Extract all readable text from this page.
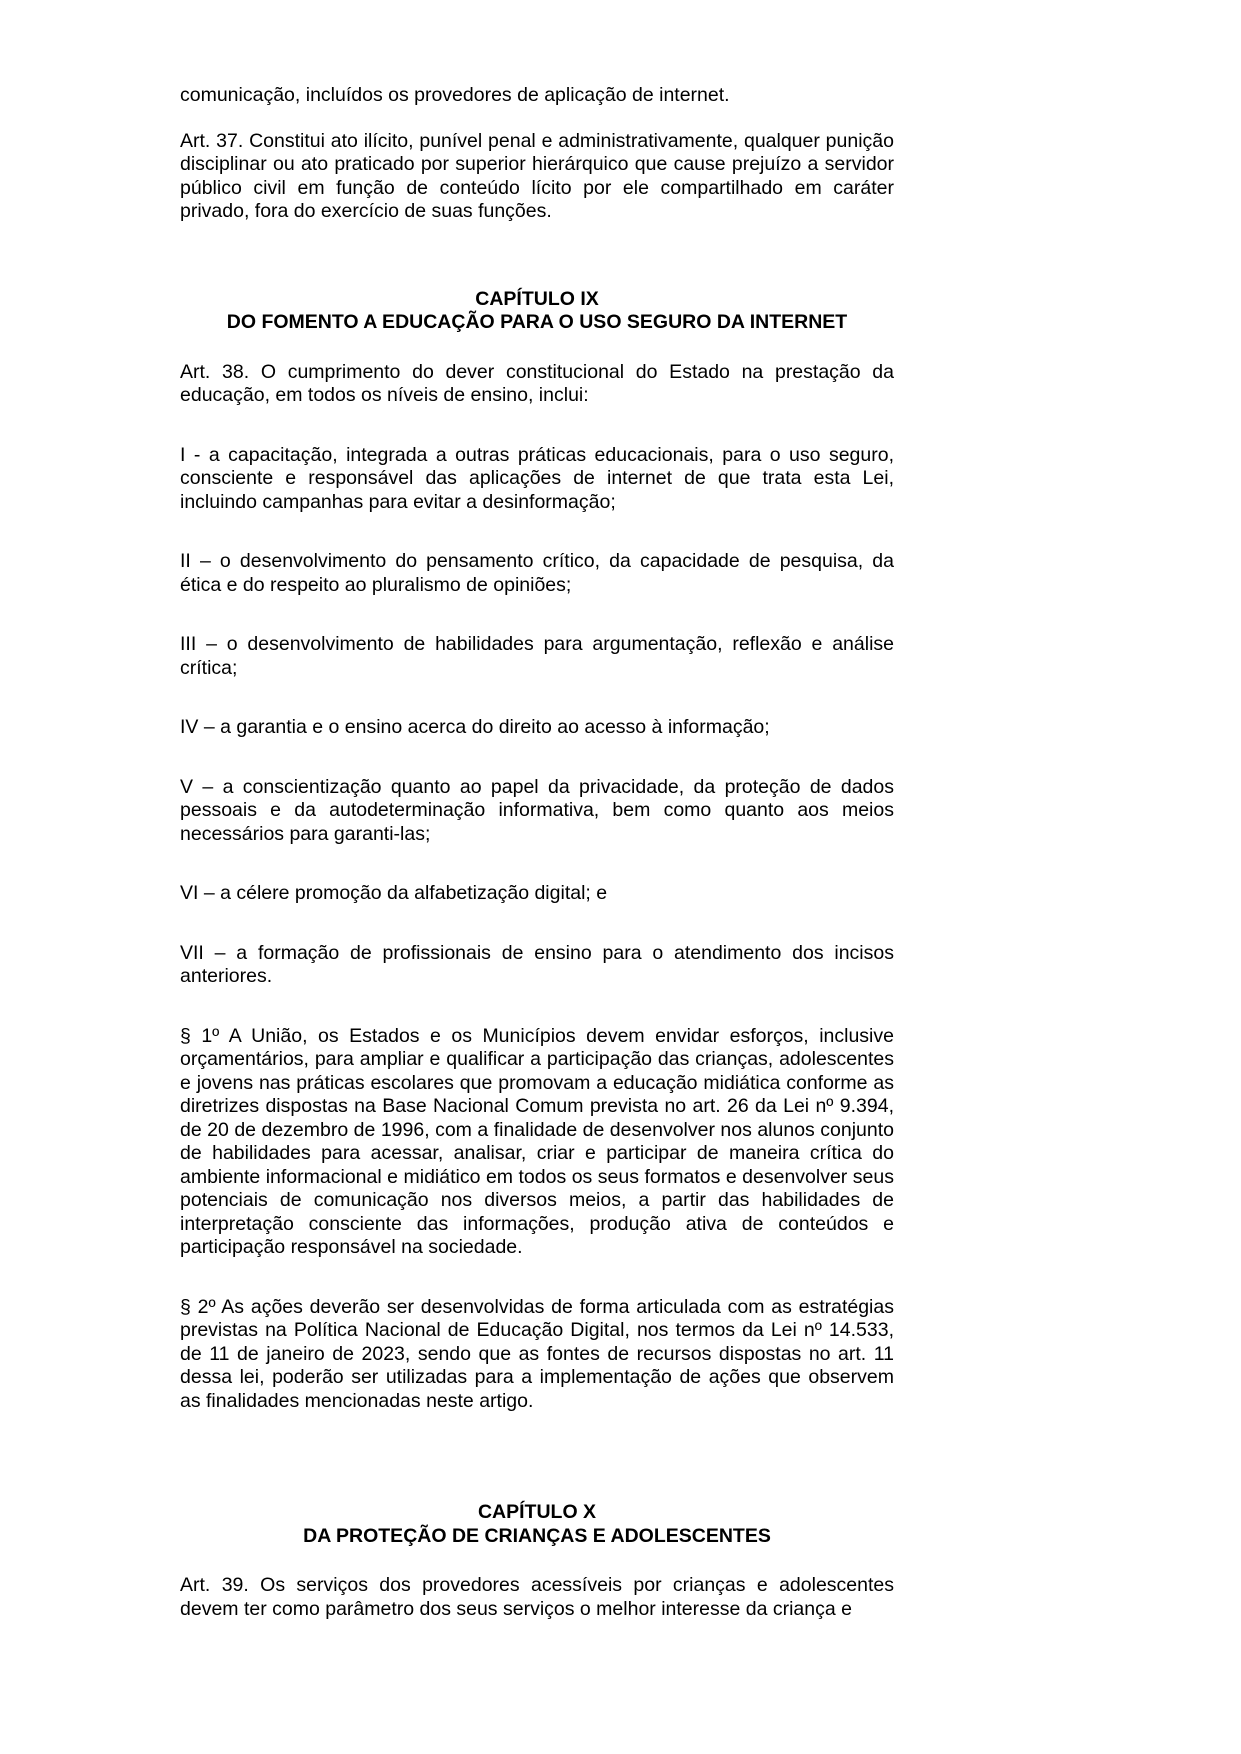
comunicação, incluídos os provedores de aplicação de internet.

Art. 37. Constitui ato ilícito, punível penal e administrativamente, qualquer punição disciplinar ou ato praticado por superior hierárquico que cause prejuízo a servidor público civil em função de conteúdo lícito por ele compartilhado em caráter privado, fora do exercício de suas funções.

CAPÍTULO IX
DO FOMENTO A EDUCAÇÃO PARA O USO SEGURO DA INTERNET

Art. 38. O cumprimento do dever constitucional do Estado na prestação da educação, em todos os níveis de ensino, inclui:

I - a capacitação, integrada a outras práticas educacionais, para o uso seguro, consciente e responsável das aplicações de internet de que trata esta Lei, incluindo campanhas para evitar a desinformação;

II – o desenvolvimento do pensamento crítico, da capacidade de pesquisa, da ética e do respeito ao pluralismo de opiniões;

III – o desenvolvimento de habilidades para argumentação, reflexão e análise crítica;

IV – a garantia e o ensino acerca do direito ao acesso à informação;

V – a conscientização quanto ao papel da privacidade, da proteção de dados pessoais e da autodeterminação informativa, bem como quanto aos meios necessários para garanti-las;

VI – a célere promoção da alfabetização digital; e

VII – a formação de profissionais de ensino para o atendimento dos incisos anteriores.

§ 1º A União, os Estados e os Municípios devem envidar esforços, inclusive orçamentários, para ampliar e qualificar a participação das crianças, adolescentes e jovens nas práticas escolares que promovam a educação midiática conforme as diretrizes dispostas na Base Nacional Comum prevista no art. 26 da Lei nº 9.394, de 20 de dezembro de 1996, com a finalidade de desenvolver nos alunos conjunto de habilidades para acessar, analisar, criar e participar de maneira crítica do ambiente informacional e midiático em todos os seus formatos e desenvolver seus potenciais de comunicação nos diversos meios, a partir das habilidades de interpretação consciente das informações, produção ativa de conteúdos e participação responsável na sociedade.

§ 2º As ações deverão ser desenvolvidas de forma articulada com as estratégias previstas na Política Nacional de Educação Digital, nos termos da Lei nº 14.533, de 11 de janeiro de 2023, sendo que as fontes de recursos dispostas no art. 11 dessa lei, poderão ser utilizadas para a implementação de ações que observem as finalidades mencionadas neste artigo.

CAPÍTULO X
DA PROTEÇÃO DE CRIANÇAS E ADOLESCENTES

Art. 39. Os serviços dos provedores acessíveis por crianças e adolescentes devem ter como parâmetro dos seus serviços o melhor interesse da criança e
